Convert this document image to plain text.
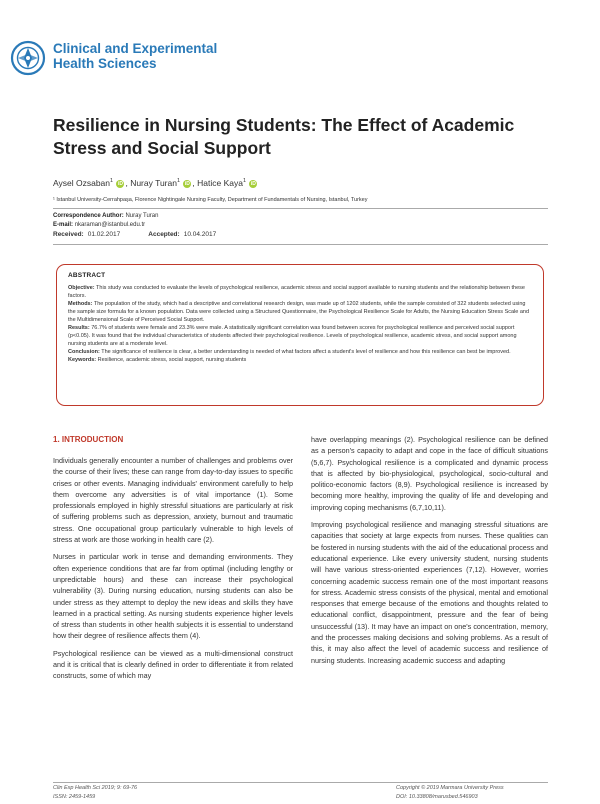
Clinical and Experimental
Health Sciences
Resilience in Nursing Students: The Effect of Academic Stress and Social Support
Aysel Ozsaban$^1$ iD , Nuray Turan$^1$ iD , Hatice Kaya$^1$ iD
¹ Istanbul University-Cerrahpaşa, Florence Nightingale Nursing Faculty, Department of Fundamentals of Nursing, Istanbul, Turkey
Correspondence Author: Nuray Turan
E-mail: nkaraman@istanbul.edu.tr
Received: 01.02.2017	Accepted: 10.04.2017
ABSTRACT

Objective: This study was conducted to evaluate the levels of psychological resilience, academic stress and social support available to nursing students and the relationship between these factors.

Methods: The population of the study, which had a descriptive and correlational research design, was made up of 1202 students, while the sample consisted of 322 students selected using the sample size formula for a known population. Data were collected using a Structured Questionnaire, the Psychological Resilience Scale for Adults, the Nursing Education Stress Scale and the Multidimensional Scale of Perceived Social Support.

Results: 76.7% of students were female and 23.3% were male. A statistically significant correlation was found between scores for psychological resilience and perceived social support (p<0.05). It was found that the individual characteristics of students affected their psychological resilience. Levels of psychological resilience, academic stress, and social support among nursing students are at a moderate level.

Conclusion: The significance of resilience is clear, a better understanding is needed of what factors affect a student's level of resilience and how this resilience can best be improved.

Keywords: Resilience, academic stress, social support, nursing students

1. INTRODUCTION

Individuals generally encounter a number of challenges and problems over the course of their lives; these can range from day-to-day issues to specific crises or other events. Managing individuals' environment carefully to help them overcome any adversities is of vital importance (1). Some professionals employed in highly stressful situations are particularly at risk of suffering problems such as depression, anxiety, burnout and traumatic stress. One occupational group particularly vulnerable to high levels of stress at work are those working in health care (2).

Nurses in particular work in tense and demanding environments. They often experience conditions that are far from optimal (including lengthy or unpredictable hours) and these can increase their psychological vulnerability (3). During nursing education, nursing students can also be under stress as they attempt to deploy the new ideas and skills they have learned in a practical setting. As nursing students experience higher levels of stress than students in other health subjects it is essential to understand how their degree of resilience affects them (4).

Psychological resilience can be viewed as a multi-dimensional construct and it is critical that is clearly defined in order to differentiate it from related constructs, some of which may

have overlapping meanings (2). Psychological resilience can be defined as a person's capacity to adapt and cope in the face of difficult situations (5,6,7). Psychological resilience is a complicated and dynamic process that is affected by bio-physiological, psychological, socio-cultural and politico-economic factors (8,9). Psychological resilience is increased by becoming more healthy, improving the quality of life and developing and improving coping mechanisms (6,7,10,11).

Improving psychological resilience and managing stressful situations are capacities that society at large expects from nurses. These qualities can be fostered in nursing students with the aid of the educational process and educational experience. Like every university student, nursing students will have various stress-oriented experiences (7,12). However, worries concerning academic success remain one of the most important reasons for stress. Academic stress consists of the physical, mental and emotional responses that emerge because of the emotions and thoughts related to educational conflict, disappointment, pressure and the fear of being unsuccessful (13). It may have an impact on one's concentration, memory, and the processes making decisions and solving problems. As a result of this, it may also affect the level of academic success and resilience of nursing students. Increasing academic success and adapting

Clin Exp Health Sci 2019; 9: 69-76
ISSN: 2459-1459
Copyright © 2019 Marmara University Press
DOI: 10.33808/marusbed.546903
